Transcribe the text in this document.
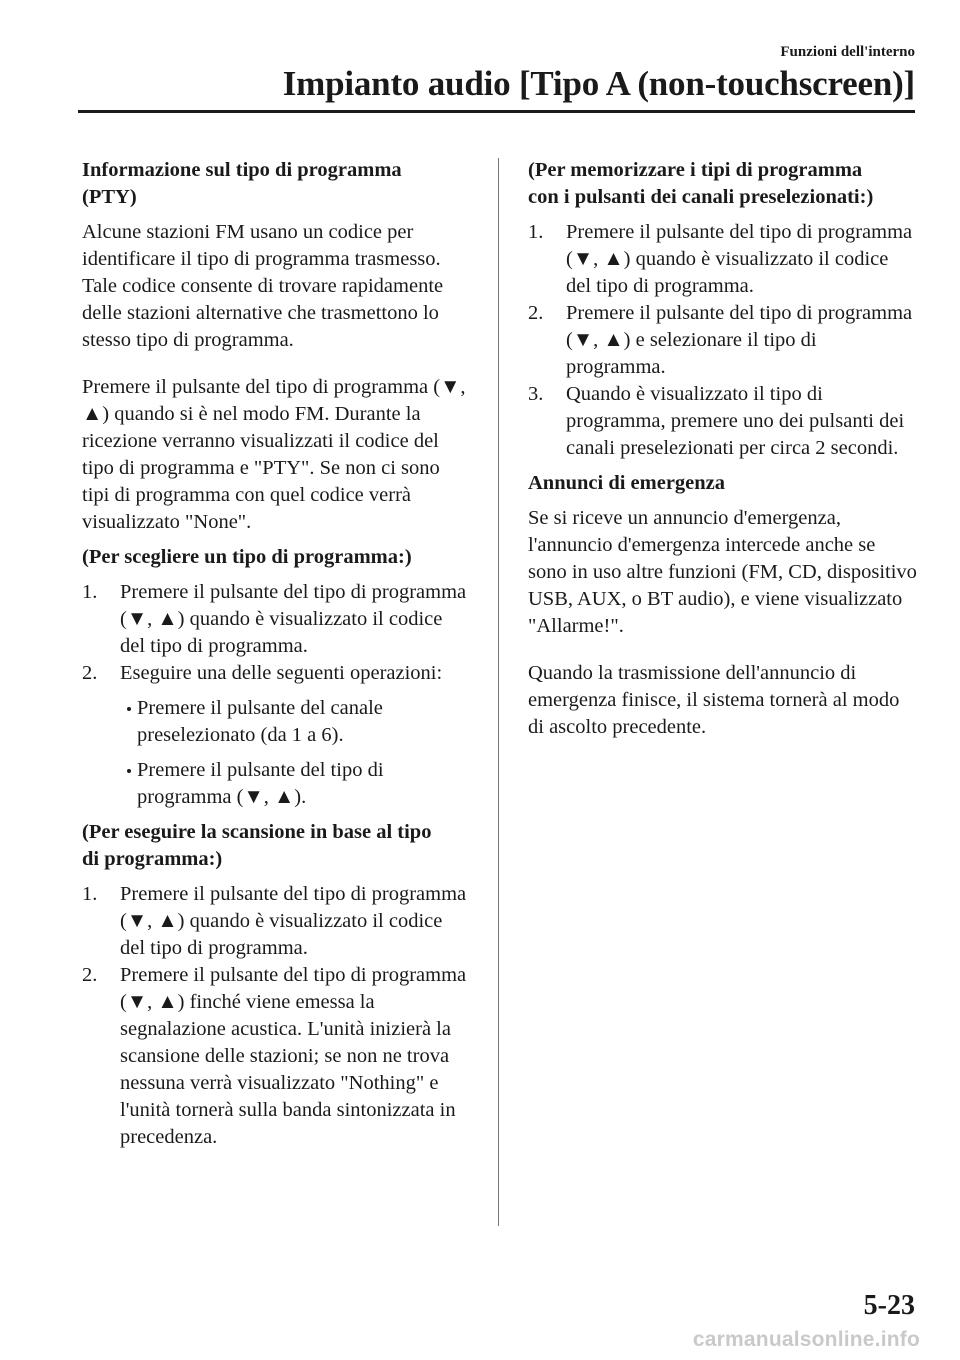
Funzioni dell'interno
Impianto audio [Tipo A (non-touchscreen)]
Informazione sul tipo di programma
(PTY)
Alcune stazioni FM usano un codice per identificare il tipo di programma trasmesso. Tale codice consente di trovare rapidamente delle stazioni alternative che trasmettono lo stesso tipo di programma.
Premere il pulsante del tipo di programma (▼, ▲) quando si è nel modo FM. Durante la ricezione verranno visualizzati il codice del tipo di programma e "PTY". Se non ci sono tipi di programma con quel codice verrà visualizzato "None".
(Per scegliere un tipo di programma:)
1. Premere il pulsante del tipo di programma (▼, ▲) quando è visualizzato il codice del tipo di programma.
2. Eseguire una delle seguenti operazioni:
Premere il pulsante del canale preselezionato (da 1 a 6).
Premere il pulsante del tipo di programma (▼, ▲).
(Per eseguire la scansione in base al tipo
di programma:)
1. Premere il pulsante del tipo di programma (▼, ▲) quando è visualizzato il codice del tipo di programma.
2. Premere il pulsante del tipo di programma (▼, ▲) finché viene emessa la segnalazione acustica. L'unità inizierà la scansione delle stazioni; se non ne trova nessuna verrà visualizzato "Nothing" e l'unità tornerà sulla banda sintonizzata in precedenza.
(Per memorizzare i tipi di programma
con i pulsanti dei canali preselezionati:)
1. Premere il pulsante del tipo di programma (▼, ▲) quando è visualizzato il codice del tipo di programma.
2. Premere il pulsante del tipo di programma (▼, ▲) e selezionare il tipo di programma.
3. Quando è visualizzato il tipo di programma, premere uno dei pulsanti dei canali preselezionati per circa 2 secondi.
Annunci di emergenza
Se si riceve un annuncio d'emergenza, l'annuncio d'emergenza intercede anche se sono in uso altre funzioni (FM, CD, dispositivo USB, AUX, o BT audio), e viene visualizzato "Allarme!".
Quando la trasmissione dell'annuncio di emergenza finisce, il sistema tornerà al modo di ascolto precedente.
5-23
carmanualsonline.info
